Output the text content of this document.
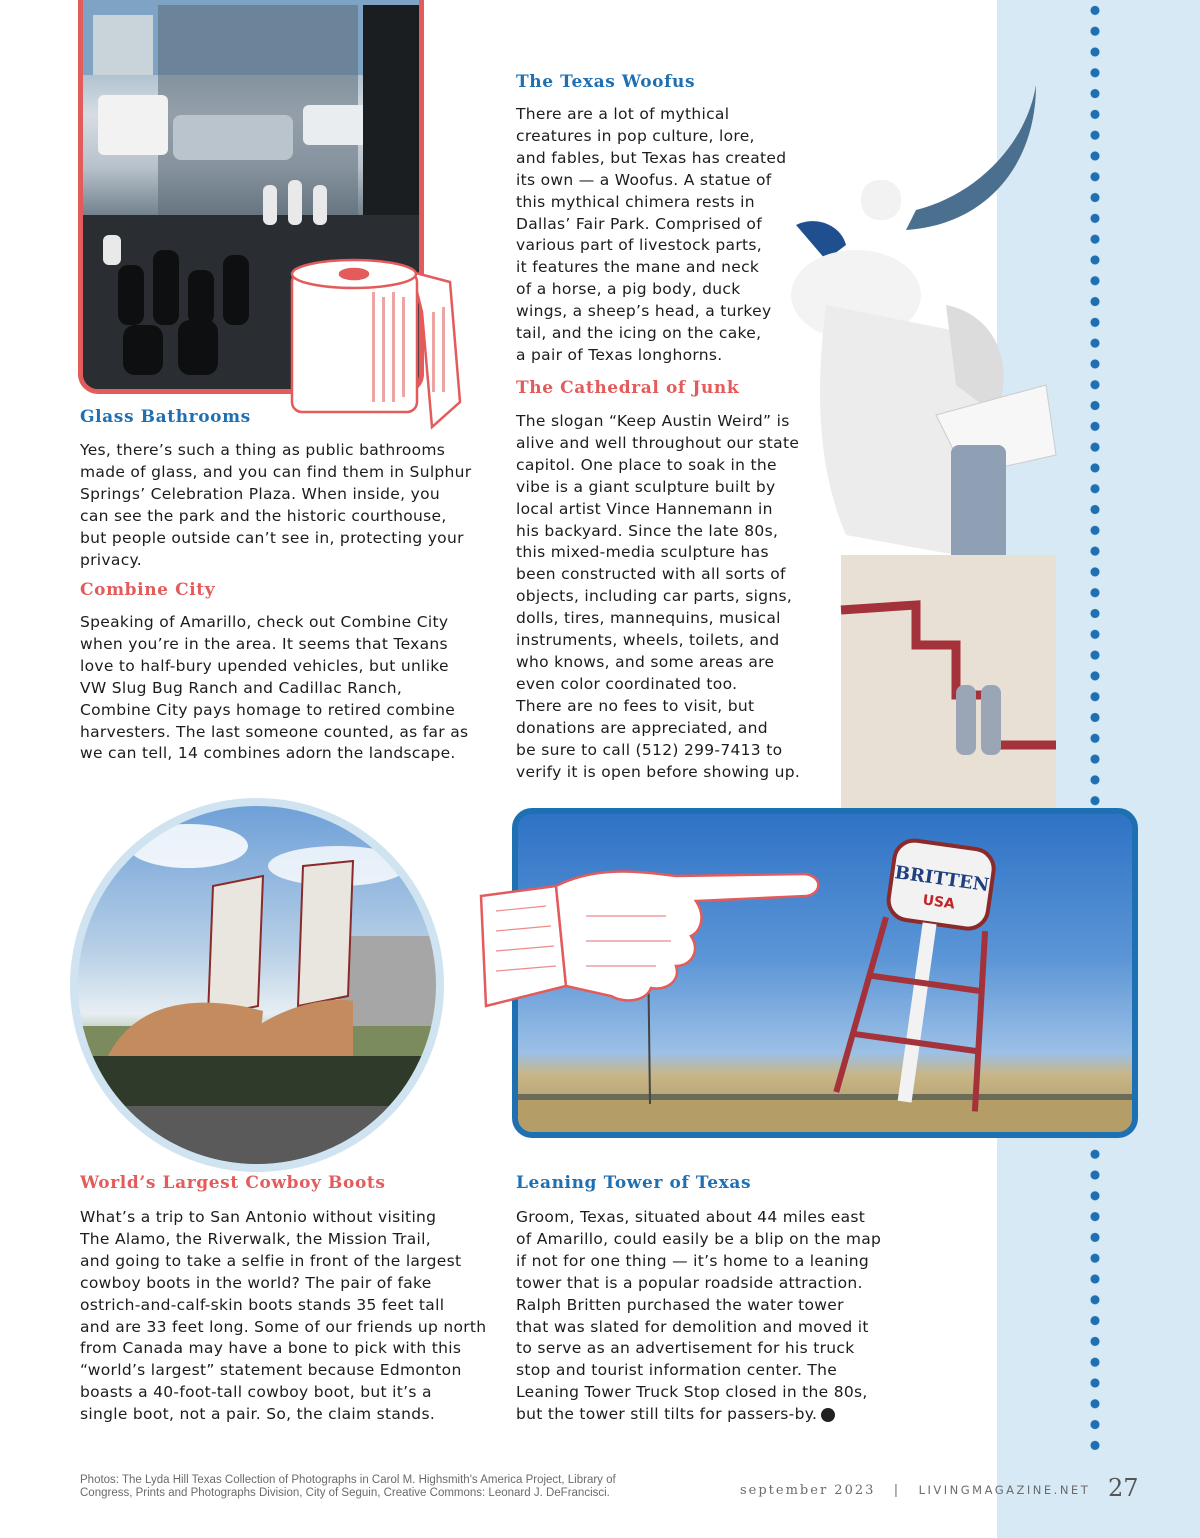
BRITTEN
USA
The Texas Woofus
There are a lot of mythical
creatures in pop culture, lore,
and fables, but Texas has created
its own — a Woofus. A statue of
this mythical chimera rests in
Dallas’ Fair Park. Comprised of
various part of livestock parts,
it features the mane and neck
of a horse, a pig body, duck
wings, a sheep’s head, a turkey
tail, and the icing on the cake,
a pair of Texas longhorns.
The Cathedral of Junk
The slogan “Keep Austin Weird” is
alive and well throughout our state
capitol. One place to soak in the
vibe is a giant sculpture built by
local artist Vince Hannemann in
his backyard. Since the late 80s,
this mixed-media sculpture has
been constructed with all sorts of
objects, including car parts, signs,
dolls, tires, mannequins, musical
instruments, wheels, toilets, and
who knows, and some areas are
even color coordinated too.
There are no fees to visit, but
donations are appreciated, and
be sure to call (512) 299-7413 to
verify it is open before showing up.
Glass Bathrooms
Yes, there’s such a thing as public bathrooms
made of glass, and you can find them in Sulphur
Springs’ Celebration Plaza. When inside, you
can see the park and the historic courthouse,
but people outside can’t see in, protecting your
privacy.
Combine City
Speaking of Amarillo, check out Combine City
when you’re in the area. It seems that Texans
love to half-bury upended vehicles, but unlike
VW Slug Bug Ranch and Cadillac Ranch,
Combine City pays homage to retired combine
harvesters. The last someone counted, as far as
we can tell, 14 combines adorn the landscape.
World’s Largest Cowboy Boots
What’s a trip to San Antonio without visiting
The Alamo, the Riverwalk, the Mission Trail,
and going to take a selfie in front of the largest
cowboy boots in the world? The pair of fake
ostrich-and-calf-skin boots stands 35 feet tall
and are 33 feet long. Some of our friends up north
from Canada may have a bone to pick with this
“world’s largest” statement because Edmonton
boasts a 40-foot-tall cowboy boot, but it’s a
single boot, not a pair. So, the claim stands.
Leaning Tower of Texas
Groom, Texas, situated about 44 miles east
of Amarillo, could easily be a blip on the map
if not for one thing — it’s home to a leaning
tower that is a popular roadside attraction.
Ralph Britten purchased the water tower
that was slated for demolition and moved it
to serve as an advertisement for his truck
stop and tourist information center. The
Leaning Tower Truck Stop closed in the 80s,
but the tower still tilts for passers-by.
Photos: The Lyda Hill Texas Collection of Photographs in Carol M. Highsmith's America Project, Library of
Congress, Prints and Photographs Division, City of Seguin, Creative Commons: Leonard J. DeFrancisci.	september 2023 | LIVINGMAGAZINE.NET 27
